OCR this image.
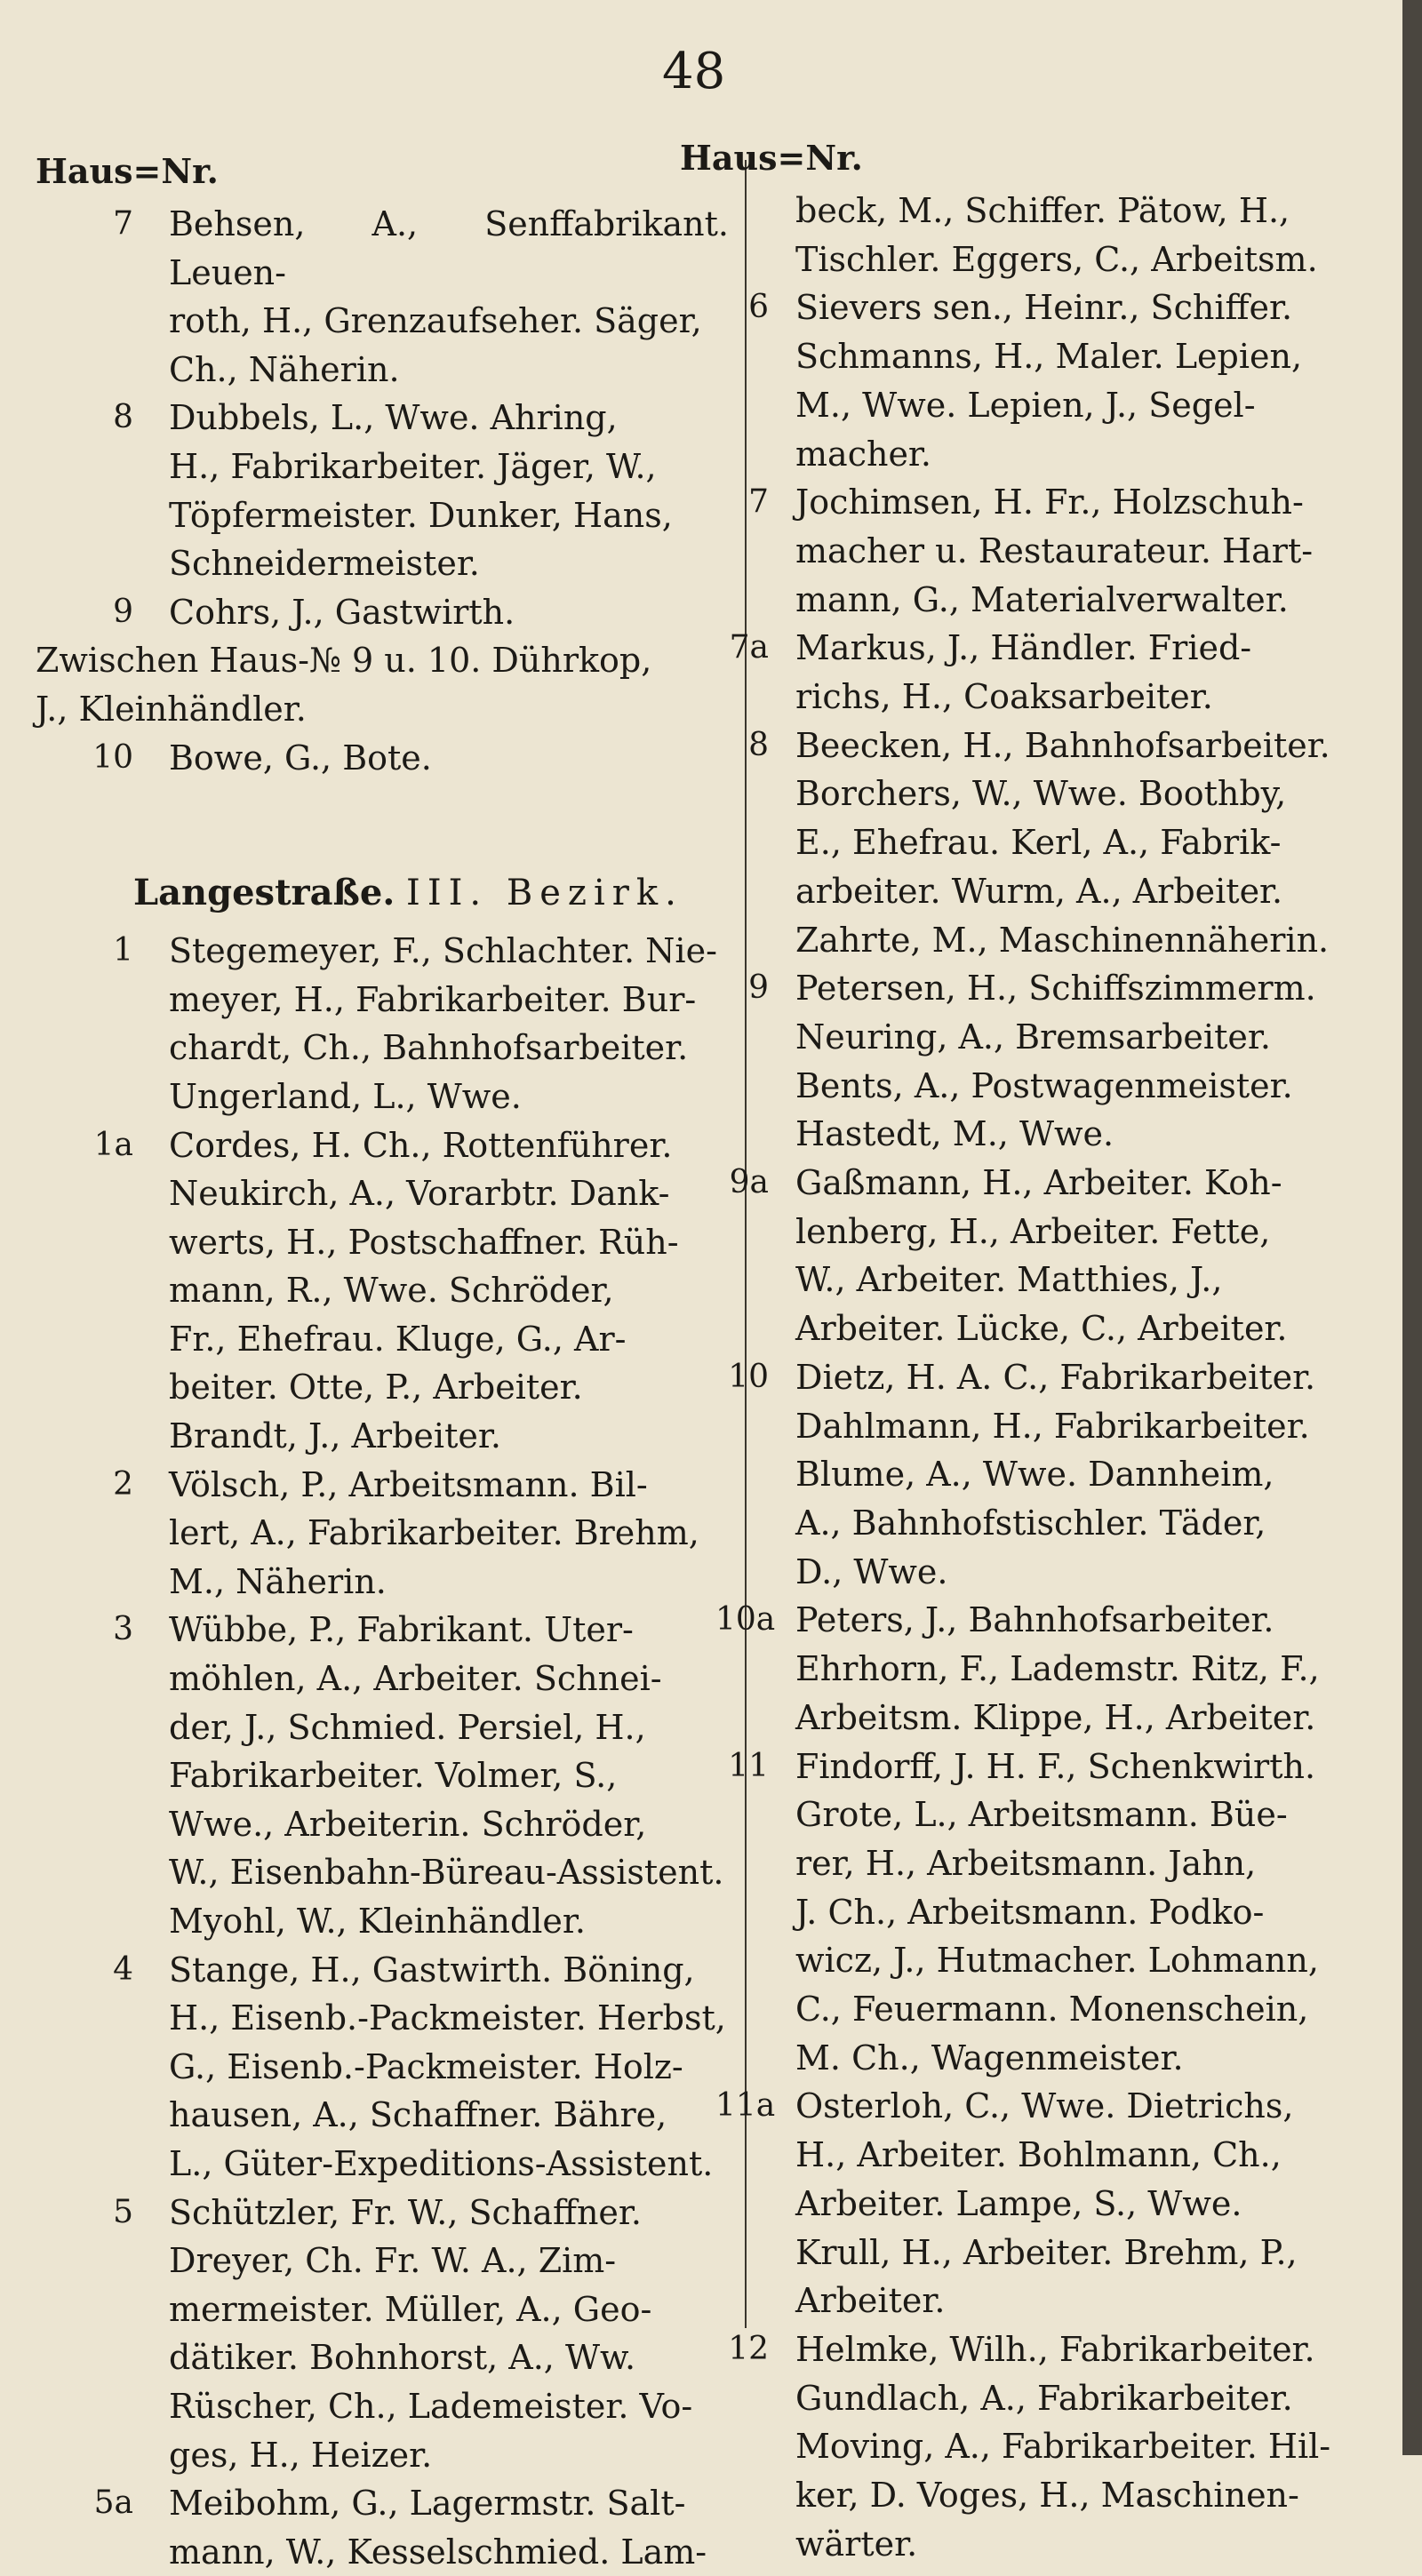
48
Haus=Nr.
7	Behsen, A., Senffabrikant. Leuen-
roth, H., Grenzaufseher. Säger,
Ch., Näherin.
8	Dubbels, L., Wwe. Ahring,
H., Fabrikarbeiter. Jäger, W.,
Töpfermeister. Dunker, Hans,
Schneidermeister.
9	Cohrs, J., Gastwirth.
Zwischen Haus-№ 9 u. 10. Dührkop,
J., Kleinhändler.
10	Bowe, G., Bote.
Langestraße. III. Bezirk.
1	Stegemeyer, F., Schlachter. Nie-
meyer, H., Fabrikarbeiter. Bur-
chardt, Ch., Bahnhofsarbeiter.
Ungerland, L., Wwe.
1a	Cordes, H. Ch., Rottenführer.
Neukirch, A., Vorarbtr. Dank-
werts, H., Postschaffner. Rüh-
mann, R., Wwe. Schröder,
Fr., Ehefrau. Kluge, G., Ar-
beiter. Otte, P., Arbeiter.
Brandt, J., Arbeiter.
2	Völsch, P., Arbeitsmann. Bil-
lert, A., Fabrikarbeiter. Brehm,
M., Näherin.
3	Wübbe, P., Fabrikant. Uter-
möhlen, A., Arbeiter. Schnei-
der, J., Schmied. Persiel, H.,
Fabrikarbeiter. Volmer, S.,
Wwe., Arbeiterin. Schröder,
W., Eisenbahn-Büreau-Assistent.
Myohl, W., Kleinhändler.
4	Stange, H., Gastwirth. Böning,
H., Eisenb.-Packmeister. Herbst,
G., Eisenb.-Packmeister. Holz-
hausen, A., Schaffner. Bähre,
L., Güter-Expeditions-Assistent.
5	Schützler, Fr. W., Schaffner.
Dreyer, Ch. Fr. W. A., Zim-
mermeister. Müller, A., Geo-
dätiker. Bohnhorst, A., Ww.
Rüscher, Ch., Lademeister. Vo-
ges, H., Heizer.
5a	Meibohm, G., Lagermstr. Salt-
mann, W., Kesselschmied. Lam-
Haus=Nr.
beck, M., Schiffer. Pätow, H.,
Tischler. Eggers, C., Arbeitsm.
6 Sievers sen., Heinr., Schiffer.
Schmanns, H., Maler. Lepien,
M., Wwe. Lepien, J., Segel-
macher.
7 Jochimsen, H. Fr., Holzschuh-
macher u. Restaurateur. Hart-
mann, G., Materialverwalter.
7a Markus, J., Händler. Fried-
richs, H., Coaksarbeiter.
8 Beecken, H., Bahnhofsarbeiter.
Borchers, W., Wwe. Boothby,
E., Ehefrau. Kerl, A., Fabrik-
arbeiter. Wurm, A., Arbeiter.
Zahrte, M., Maschinennäherin.
9 Petersen, H., Schiffszimmerm.
Neuring, A., Bremsarbeiter.
Bents, A., Postwagenmeister.
Hastedt, M., Wwe.
9a Gaßmann, H., Arbeiter. Koh-
lenberg, H., Arbeiter. Fette,
W., Arbeiter. Matthies, J.,
Arbeiter. Lücke, C., Arbeiter.
10 Dietz, H. A. C., Fabrikarbeiter.
Dahlmann, H., Fabrikarbeiter.
Blume, A., Wwe. Dannheim,
A., Bahnhofstischler. Täder,
D., Wwe.
10a Peters, J., Bahnhofsarbeiter.
Ehrhorn, F., Lademstr. Ritz, F.,
Arbeitsm. Klippe, H., Arbeiter.
11 Findorff, J. H. F., Schenkwirth.
Grote, L., Arbeitsmann. Büe-
rer, H., Arbeitsmann. Jahn,
J. Ch., Arbeitsmann. Podko-
wicz, J., Hutmacher. Lohmann,
C., Feuermann. Monenschein,
M. Ch., Wagenmeister.
11a Osterloh, C., Wwe. Dietrichs,
H., Arbeiter. Bohlmann, Ch.,
Arbeiter. Lampe, S., Wwe.
Krull, H., Arbeiter. Brehm, P.,
Arbeiter.
12 Helmke, Wilh., Fabrikarbeiter.
Gundlach, A., Fabrikarbeiter.
Moving, A., Fabrikarbeiter. Hil-
ker, D. Voges, H., Maschinen-
wärter.
